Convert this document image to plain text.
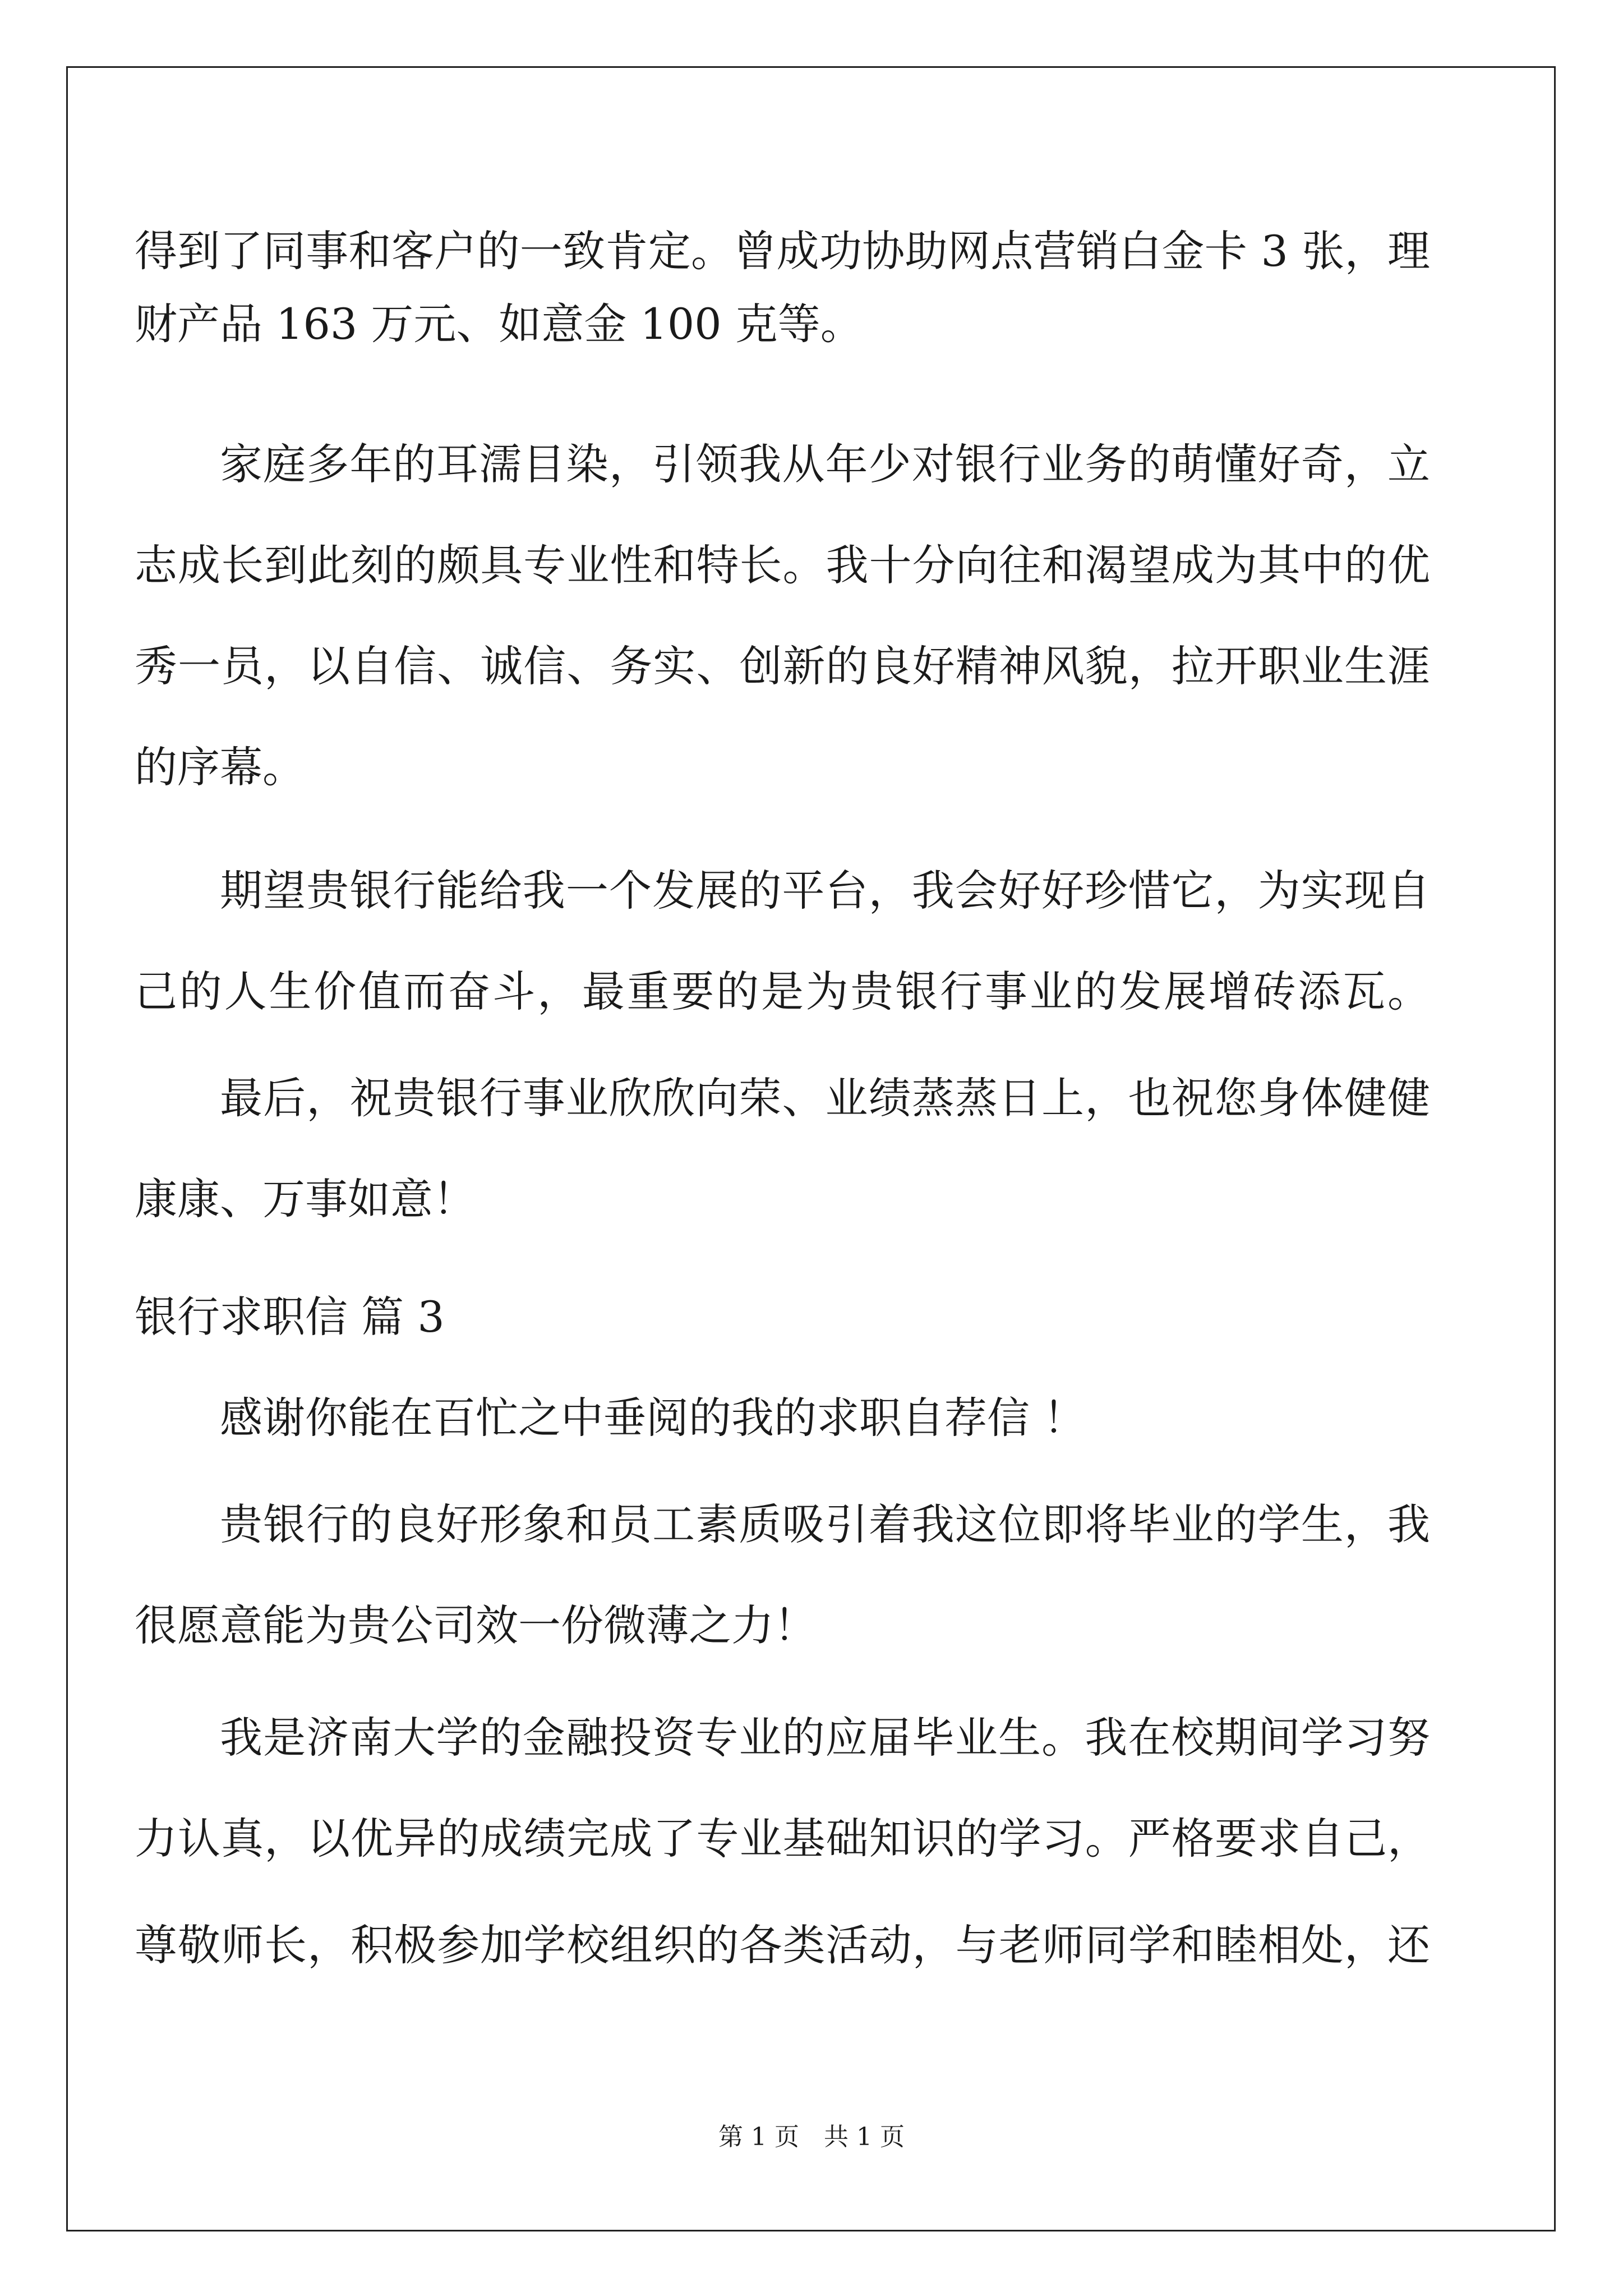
得到了同事和客户的一致肯定。曾成功协助网点营销白金卡 3 张，理
财产品 163 万元、如意金 100 克等。
家庭多年的耳濡目染，引领我从年少对银行业务的萌懂好奇，立
志成长到此刻的颇具专业性和特长。我十分向往和渴望成为其中的优
秀一员，以自信、诚信、务实、创新的良好精神风貌，拉开职业生涯
的序幕。
期望贵银行能给我一个发展的平台，我会好好珍惜它，为实现自
己的人生价值而奋斗，最重要的是为贵银行事业的发展增砖添瓦。
最后，祝贵银行事业欣欣向荣、业绩蒸蒸日上，也祝您身体健健
康康、万事如意！
银行求职信 篇 3
感谢你能在百忙之中垂阅的我的求职自荐信 ！
贵银行的良好形象和员工素质吸引着我这位即将毕业的学生，我
很愿意能为贵公司效一份微薄之力！
我是济南大学的金融投资专业的应届毕业生。我在校期间学习努
力认真，以优异的成绩完成了专业基础知识的学习。严格要求自己，
尊敬师长，积极参加学校组织的各类活动，与老师同学和睦相处，还
第 1 页 共 1 页
